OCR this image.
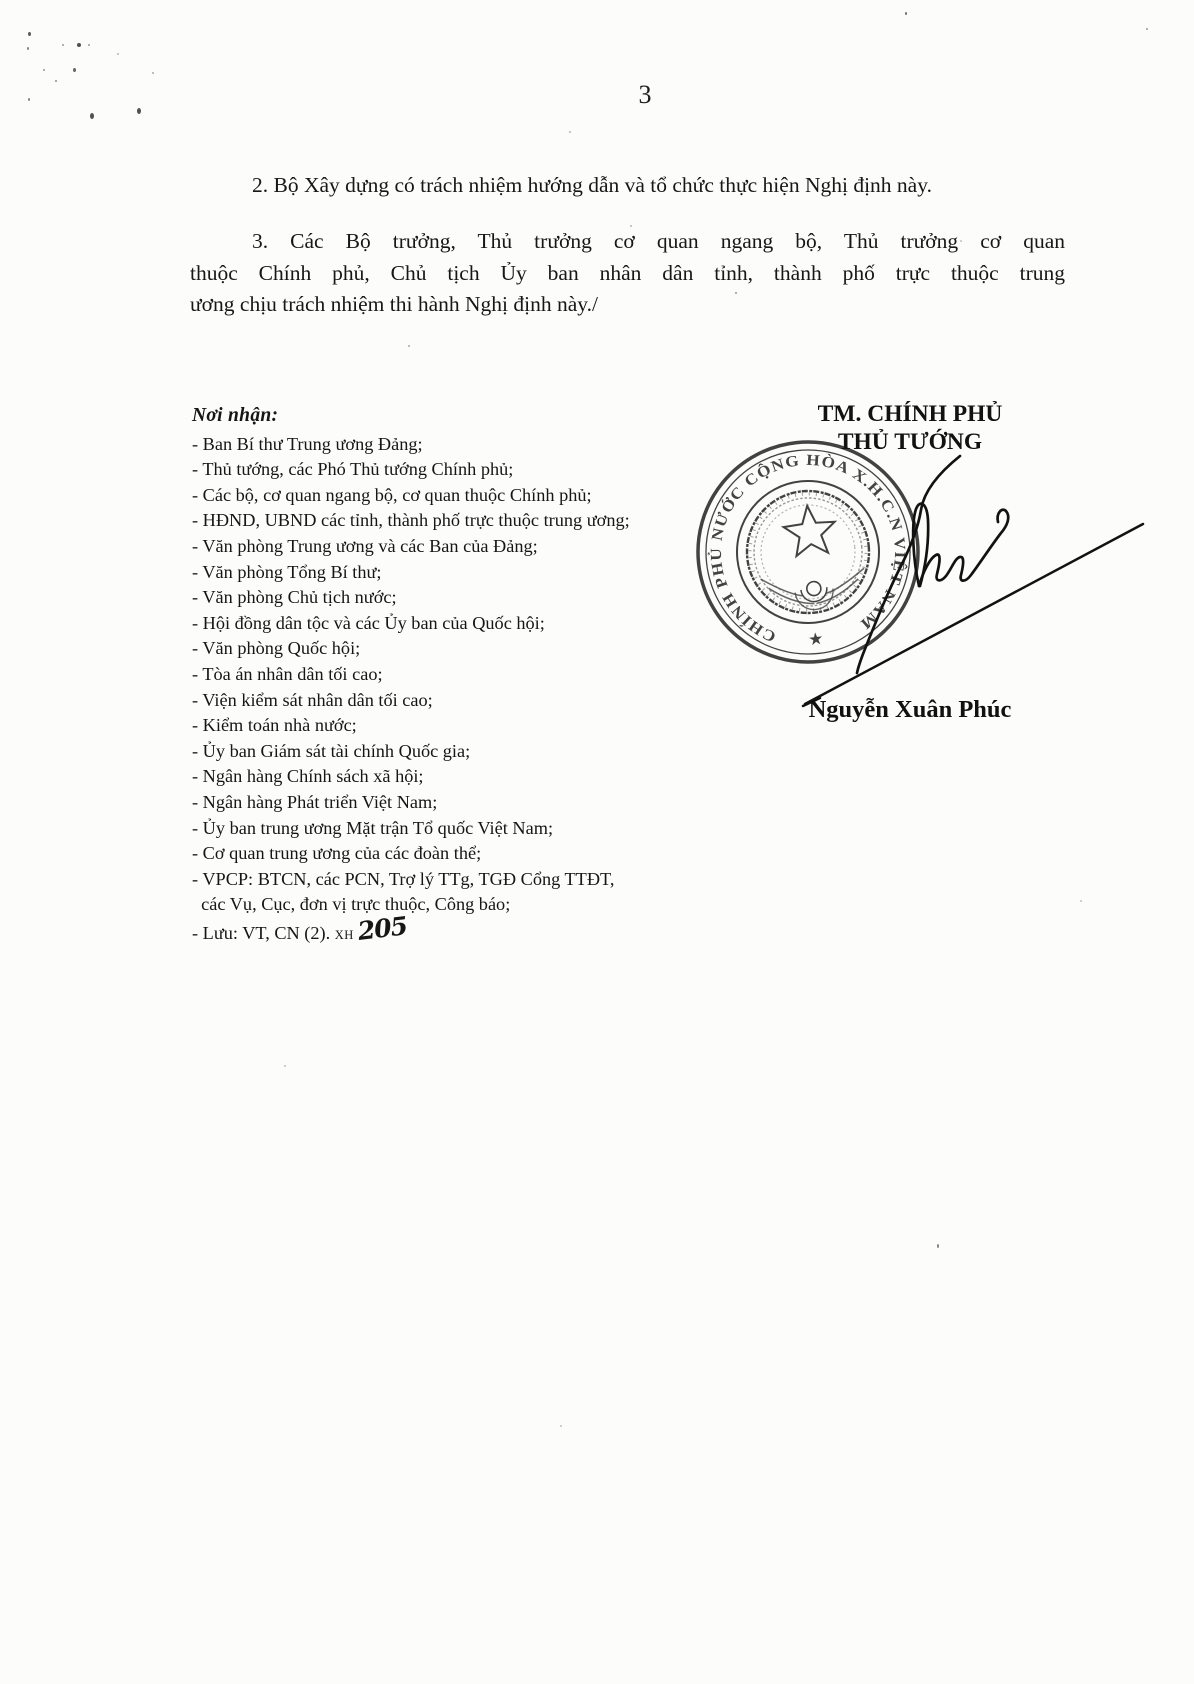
3
2. Bộ Xây dựng có trách nhiệm hướng dẫn và tổ chức thực hiện Nghị định này.
3. Các Bộ trưởng, Thủ trưởng cơ quan ngang bộ, Thủ trưởng cơ quan
thuộc Chính phủ, Chủ tịch Ủy ban nhân dân tỉnh, thành phố trực thuộc trung
ương chịu trách nhiệm thi hành Nghị định này./
Nơi nhận:
- Ban Bí thư Trung ương Đảng;
- Thủ tướng, các Phó Thủ tướng Chính phủ;
- Các bộ, cơ quan ngang bộ, cơ quan thuộc Chính phủ;
- HĐND, UBND các tỉnh, thành phố trực thuộc trung ương;
- Văn phòng Trung ương và các Ban của Đảng;
- Văn phòng Tổng Bí thư;
- Văn phòng Chủ tịch nước;
- Hội đồng dân tộc và các Ủy ban của Quốc hội;
- Văn phòng Quốc hội;
- Tòa án nhân dân tối cao;
- Viện kiểm sát nhân dân tối cao;
- Kiểm toán nhà nước;
- Ủy ban Giám sát tài chính Quốc gia;
- Ngân hàng Chính sách xã hội;
- Ngân hàng Phát triển Việt Nam;
- Ủy ban trung ương Mặt trận Tổ quốc Việt Nam;
- Cơ quan trung ương của các đoàn thể;
- VPCP: BTCN, các PCN, Trợ lý TTg, TGĐ Cổng TTĐT,
các Vụ, Cục, đơn vị trực thuộc, Công báo;
- Lưu: VT, CN (2). XH 205
CHÍNH PHỦ NƯỚC CỘNG HÒA X.H.C.N VIỆT NAM
★
TM. CHÍNH PHỦ
THỦ TƯỚNG
Nguyễn Xuân Phúc
